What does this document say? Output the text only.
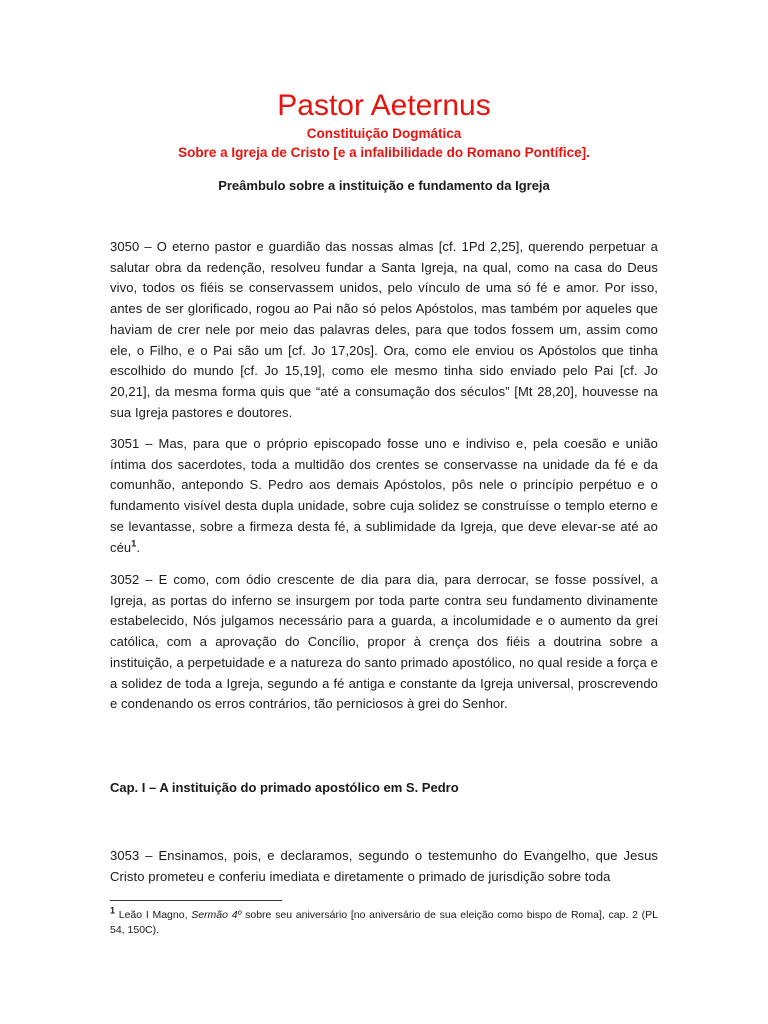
Pastor Aeternus
Constituição Dogmática
Sobre a Igreja de Cristo [e a infalibilidade do Romano Pontífice].
Preâmbulo sobre a instituição e fundamento da Igreja
3050 – O eterno pastor e guardião das nossas almas [cf. 1Pd 2,25], querendo perpetuar a salutar obra da redenção, resolveu fundar a Santa Igreja, na qual, como na casa do Deus vivo, todos os fiéis se conservassem unidos, pelo vínculo de uma só fé e amor. Por isso, antes de ser glorificado, rogou ao Pai não só pelos Apóstolos, mas também por aqueles que haviam de crer nele por meio das palavras deles, para que todos fossem um, assim como ele, o Filho, e o Pai são um [cf. Jo 17,20s]. Ora, como ele enviou os Apóstolos que tinha escolhido do mundo [cf. Jo 15,19], como ele mesmo tinha sido enviado pelo Pai [cf. Jo 20,21], da mesma forma quis que “até a consumação dos séculos” [Mt 28,20], houvesse na sua Igreja pastores e doutores.
3051 – Mas, para que o próprio episcopado fosse uno e indiviso e, pela coesão e união íntima dos sacerdotes, toda a multidão dos crentes se conservasse na unidade da fé e da comunhão, antepondo S. Pedro aos demais Apóstolos, pôs nele o princípio perpétuo e o fundamento visível desta dupla unidade, sobre cuja solidez se construísse o templo eterno e se levantasse, sobre a firmeza desta fé, a sublimidade da Igreja, que deve elevar-se até ao céu$^1$.
3052 – E como, com ódio crescente de dia para dia, para derrocar, se fosse possível, a Igreja, as portas do inferno se insurgem por toda parte contra seu fundamento divinamente estabelecido, Nós julgamos necessário para a guarda, a incolumidade e o aumento da grei católica, com a aprovação do Concílio, propor à crença dos fiéis a doutrina sobre a instituição, a perpetuidade e a natureza do santo primado apostólico, no qual reside a força e a solidez de toda a Igreja, segundo a fé antiga e constante da Igreja universal, proscrevendo e condenando os erros contrários, tão perniciosos à grei do Senhor.
Cap. I – A instituição do primado apostólico em S. Pedro
3053 – Ensinamos, pois, e declaramos, segundo o testemunho do Evangelho, que Jesus Cristo prometeu e conferiu imediata e diretamente o primado de jurisdição sobre toda
$^1$ Leão I Magno, Sermão 4º sobre seu aniversário [no aniversário de sua eleição como bispo de Roma], cap. 2 (PL 54, 150C).
